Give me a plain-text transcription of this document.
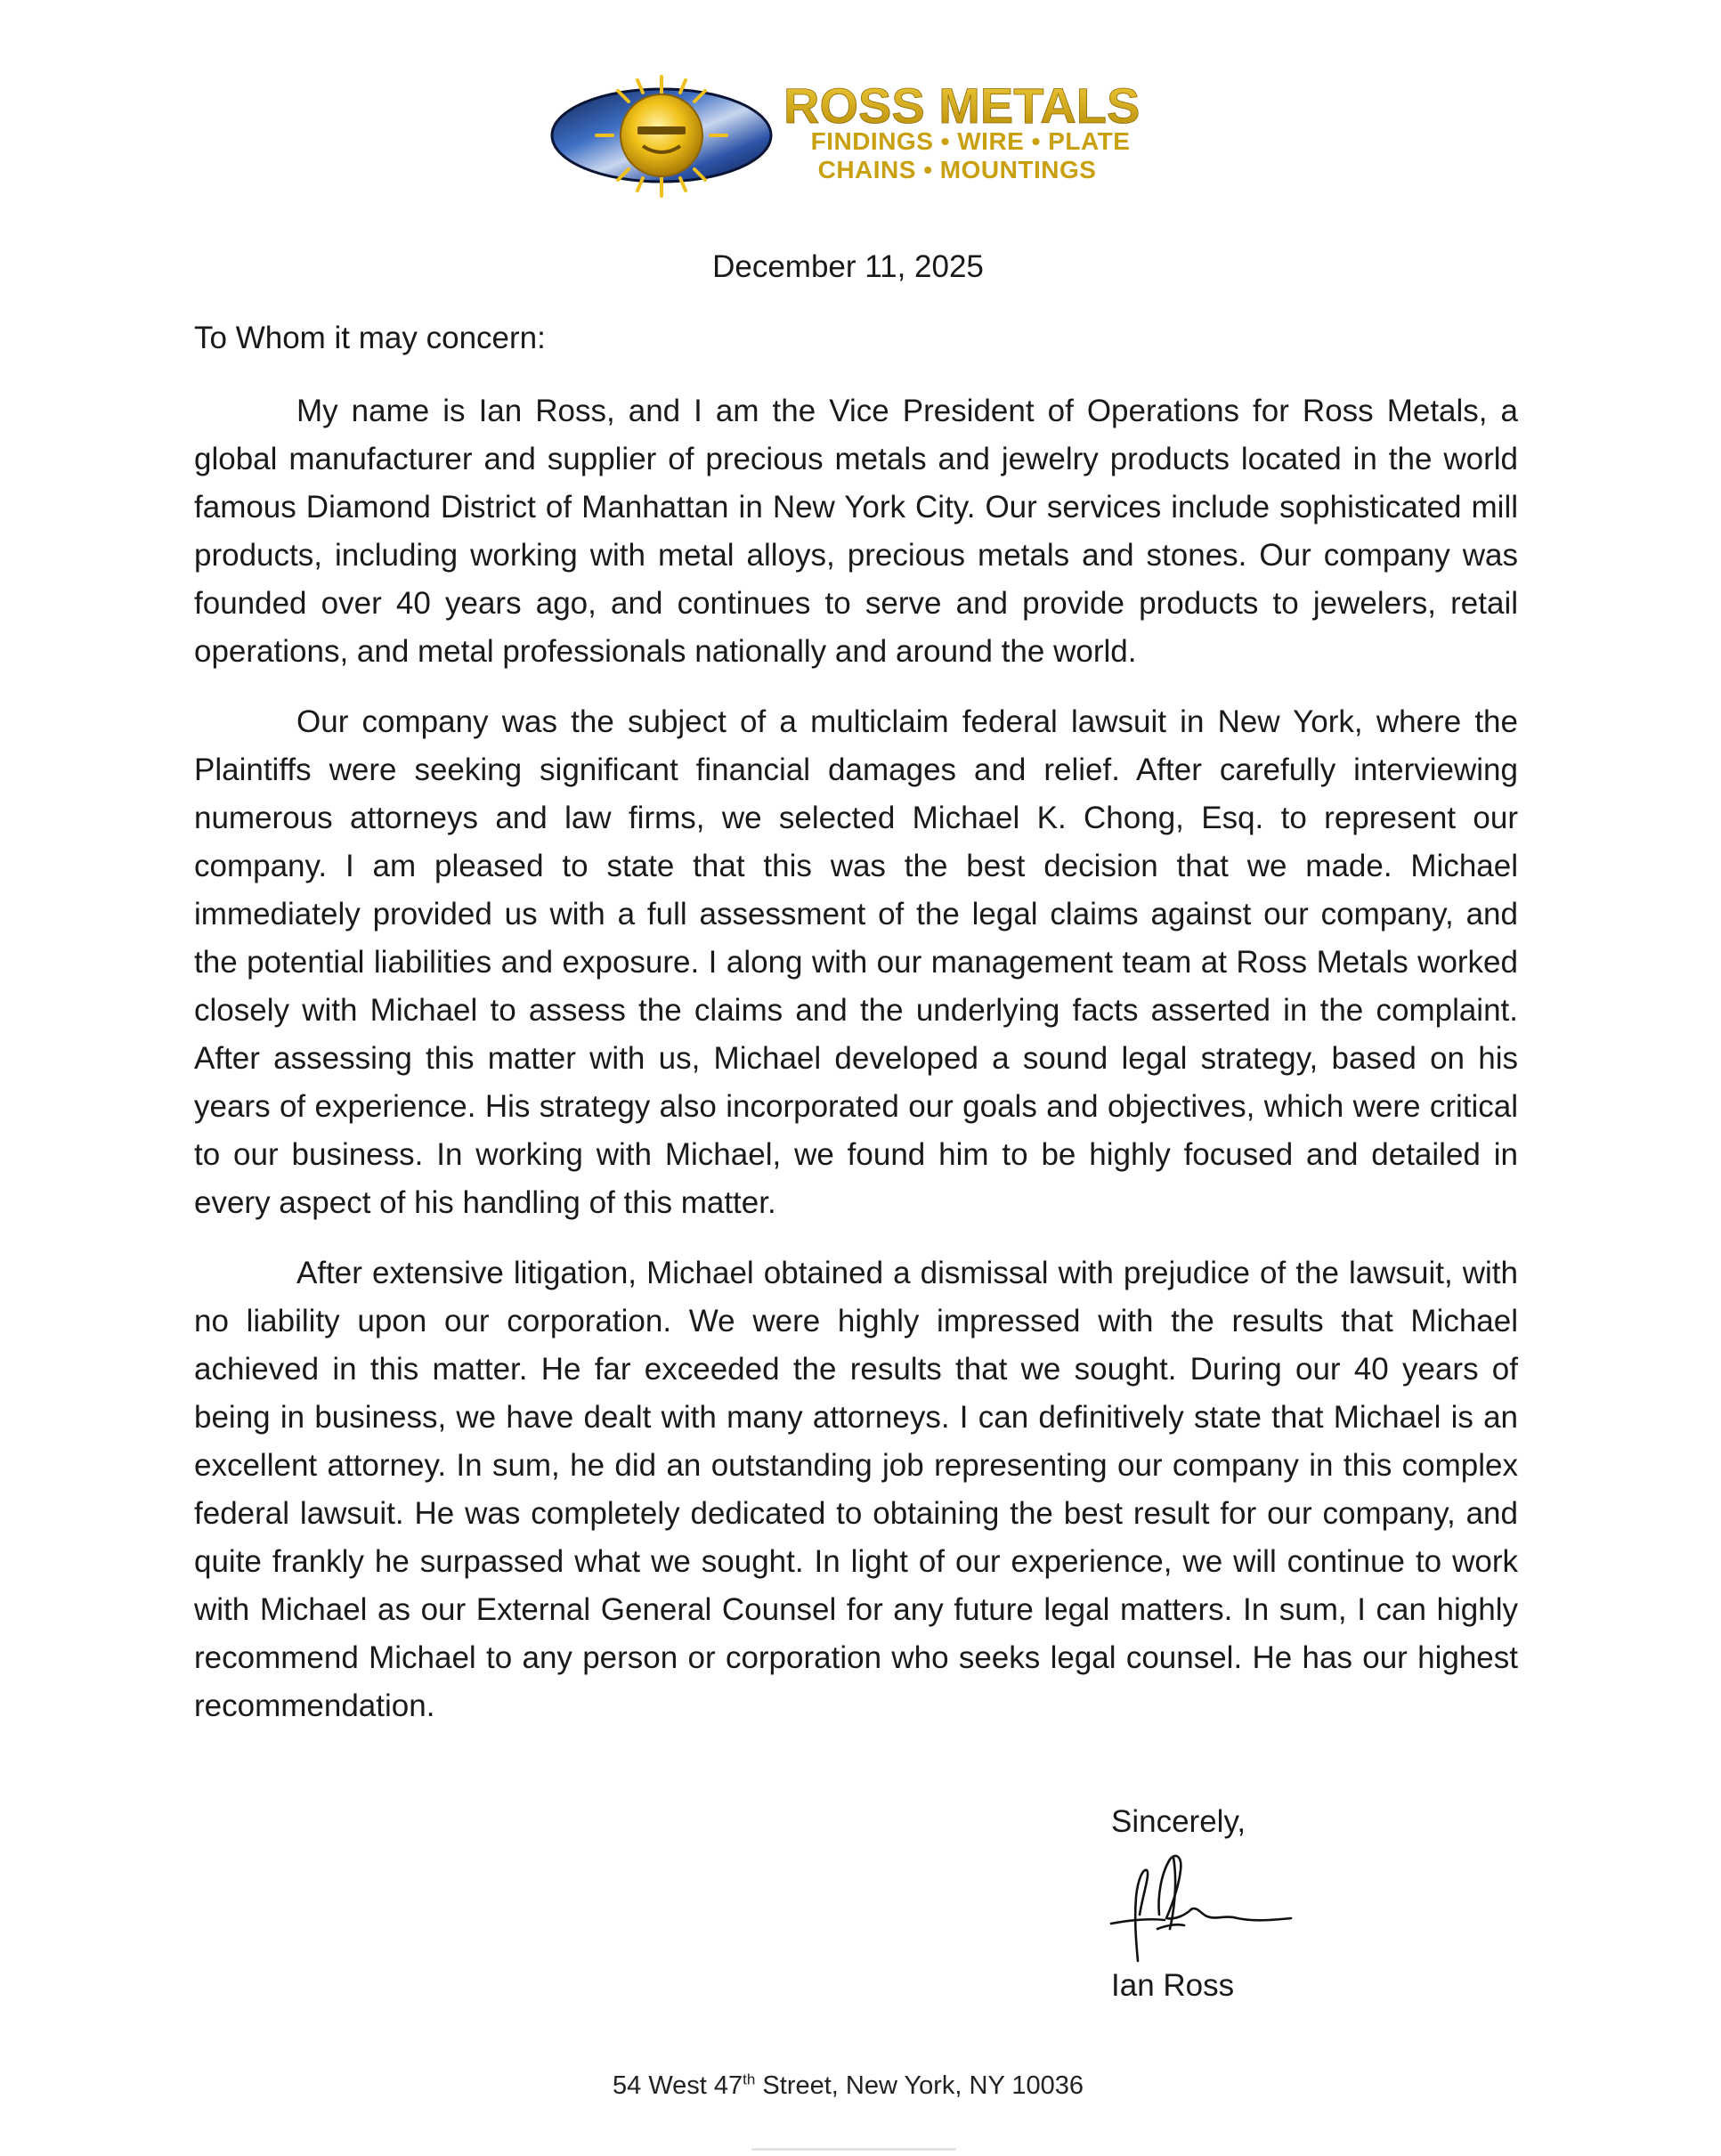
ROSS METALS
FINDINGS • WIRE • PLATE
CHAINS • MOUNTINGS
December 11, 2025
To Whom it may concern:

My name is Ian Ross, and I am the Vice President of Operations for Ross Metals, a global manufacturer and supplier of precious metals and jewelry products located in the world famous Diamond District of Manhattan in New York City. Our services include sophisticated mill products, including working with metal alloys, precious metals and stones. Our company was founded over 40 years ago, and continues to serve and provide products to jewelers, retail operations, and metal professionals nationally and around the world.

Our company was the subject of a multiclaim federal lawsuit in New York, where the Plaintiffs were seeking significant financial damages and relief. After carefully interviewing numerous attorneys and law firms, we selected Michael K. Chong, Esq. to represent our company. I am pleased to state that this was the best decision that we made. Michael immediately provided us with a full assessment of the legal claims against our company, and the potential liabilities and exposure. I along with our management team at Ross Metals worked closely with Michael to assess the claims and the underlying facts asserted in the complaint. After assessing this matter with us, Michael developed a sound legal strategy, based on his years of experience. His strategy also incorporated our goals and objectives, which were critical to our business. In working with Michael, we found him to be highly focused and detailed in every aspect of his handling of this matter.

After extensive litigation, Michael obtained a dismissal with prejudice of the lawsuit, with no liability upon our corporation. We were highly impressed with the results that Michael achieved in this matter. He far exceeded the results that we sought. During our 40 years of being in business, we have dealt with many attorneys. I can definitively state that Michael is an excellent attorney. In sum, he did an outstanding job representing our company in this complex federal lawsuit. He was completely dedicated to obtaining the best result for our company, and quite frankly he surpassed what we sought. In light of our experience, we will continue to work with Michael as our External General Counsel for any future legal matters. In sum, I can highly recommend Michael to any person or corporation who seeks legal counsel. He has our highest recommendation.

Sincerely,
Ian Ross
54 West 47th Street, New York, NY 10036
